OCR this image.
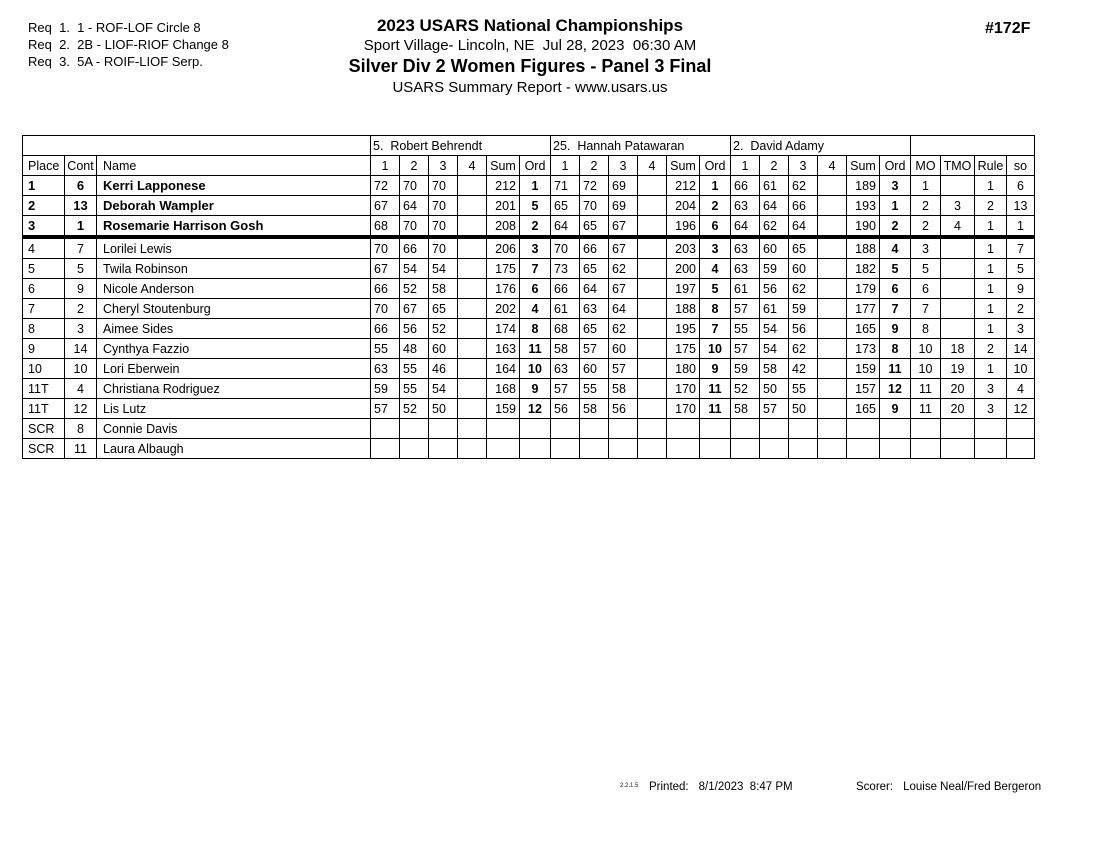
Req  1.  1 - ROF-LOF Circle 8
Req  2.  2B - LIOF-RIOF Change 8
Req  3.  5A - ROIF-LIOF Serp.
2023 USARS National Championships
Sport Village- Lincoln, NE  Jul 28, 2023  06:30 AM
Silver Div 2 Women Figures - Panel 3 Final
USARS Summary Report - www.usars.us
#172F
			5.  Robert Behrendt						25.  Hannah Patawaran						2.  David Adamy									
Place	Cont	Name	1	2	3	4	Sum	Ord	1	2	3	4	Sum	Ord	1	2	3	4	Sum	Ord	MO	TMO	Rule	so
1	6	Kerri Lapponese	72	70	70		212	1	71	72	69		212	1	66	61	62		189	3	1		1	6
2	13	Deborah Wampler	67	64	70		201	5	65	70	69		204	2	63	64	66		193	1	2	3	2	13
3	1	Rosemarie Harrison Gosh	68	70	70		208	2	64	65	67		196	6	64	62	64		190	2	2	4	1	1
4	7	Lorilei Lewis	70	66	70		206	3	70	66	67		203	3	63	60	65		188	4	3		1	7
5	5	Twila Robinson	67	54	54		175	7	73	65	62		200	4	63	59	60		182	5	5		1	5
6	9	Nicole Anderson	66	52	58		176	6	66	64	67		197	5	61	56	62		179	6	6		1	9
7	2	Cheryl Stoutenburg	70	67	65		202	4	61	63	64		188	8	57	61	59		177	7	7		1	2
8	3	Aimee Sides	66	56	52		174	8	68	65	62		195	7	55	54	56		165	9	8		1	3
9	14	Cynthya Fazzio	55	48	60		163	11	58	57	60		175	10	57	54	62		173	8	10	18	2	14
10	10	Lori Eberwein	63	55	46		164	10	63	60	57		180	9	59	58	42		159	11	10	19	1	10
11T	4	Christiana Rodriguez	59	55	54		168	9	57	55	58		170	11	52	50	55		157	12	11	20	3	4
11T	12	Lis Lutz	57	52	50		159	12	56	58	56		170	11	58	57	50		165	9	11	20	3	12
SCR	8	Connie Davis																						
SCR	11	Laura Albaugh																						
2.2.1.5 Printed: 8/1/2023  8:47 PM	Scorer: Louise Neal/Fred Bergeron
